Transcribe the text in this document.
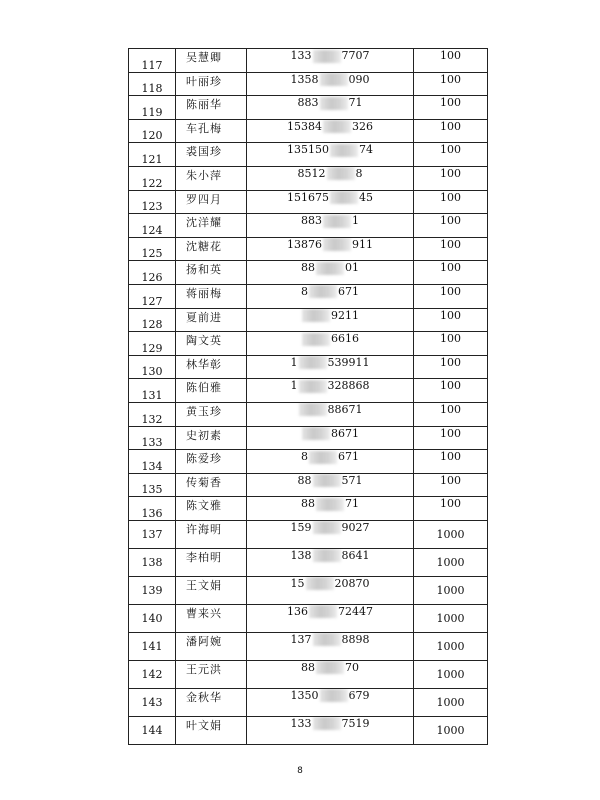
117	吴慧卿	133 7707	100
118	叶丽珍	1358 090	100
119	陈丽华	883 71	100
120	车孔梅	15384 326	100
121	裘国珍	135150 74	100
122	朱小萍	8512 8	100
123	罗四月	151675 45	100
124	沈洋耀	883 1	100
125	沈糖花	13876 911	100
126	扬和英	88 01	100
127	蒋丽梅	8 671	100
128	夏前进	9211	100
129	陶文英	6616	100
130	林华彰	1 539911	100
131	陈伯雅	1 328868	100
132	黄玉珍	88671	100
133	史初素	8671	100
134	陈爱珍	8 671	100
135	传菊香	88 571	100
136	陈文雅	88 71	100
137	许海明	159 9027	1000
138	李柏明	138 8641	1000
139	王文娟	15 20870	1000
140	曹来兴	136 72447	1000
141	潘阿婉	137 8898	1000
142	王元洪	88 70	1000
143	金秋华	1350 679	1000
144	叶文娟	133 7519	1000
8
